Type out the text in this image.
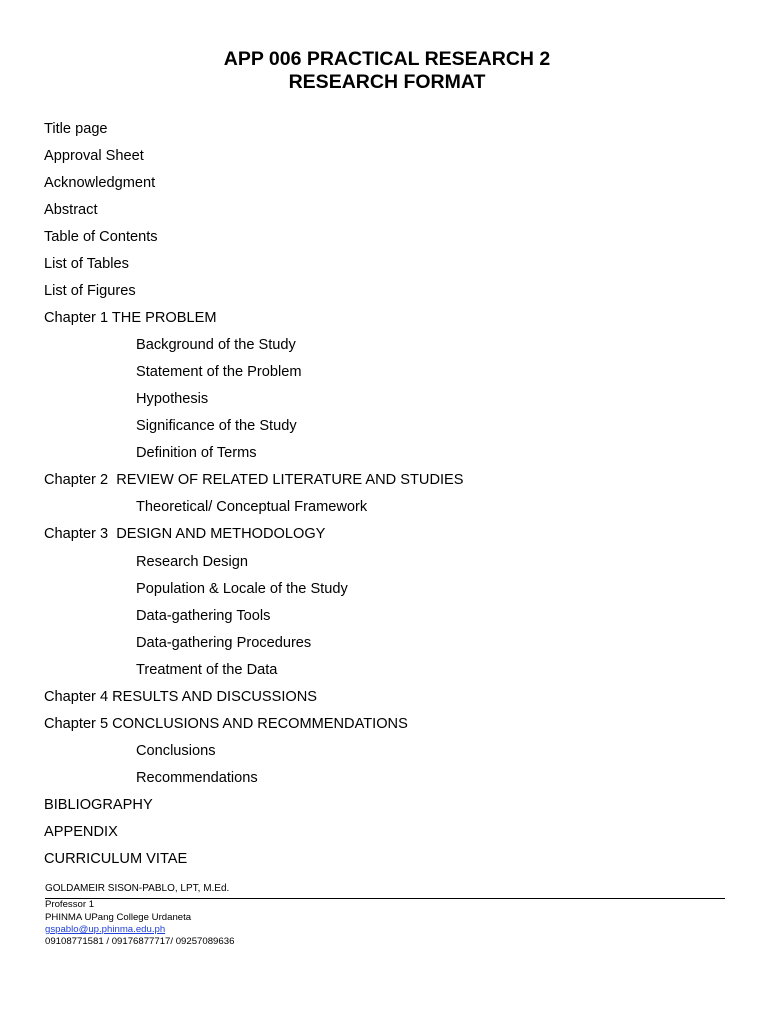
APP 006 PRACTICAL RESEARCH 2
RESEARCH FORMAT
Title page
Approval Sheet
Acknowledgment
Abstract
Table of Contents
List of Tables
List of Figures
Chapter 1 THE PROBLEM
Background of the Study
Statement of the Problem
Hypothesis
Significance of the Study
Definition of Terms
Chapter 2  REVIEW OF RELATED LITERATURE AND STUDIES
Theoretical/ Conceptual Framework
Chapter 3  DESIGN AND METHODOLOGY
Research Design
Population & Locale of the Study
Data-gathering Tools
Data-gathering Procedures
Treatment of the Data
Chapter 4 RESULTS AND DISCUSSIONS
Chapter 5 CONCLUSIONS AND RECOMMENDATIONS
Conclusions
Recommendations
BIBLIOGRAPHY
APPENDIX
CURRICULUM VITAE
GOLDAMEIR SISON-PABLO, LPT, M.Ed.
Professor 1
PHINMA UPang College Urdaneta
gspablo@up.phinma.edu.ph
09108771581 / 09176877717/ 09257089636
